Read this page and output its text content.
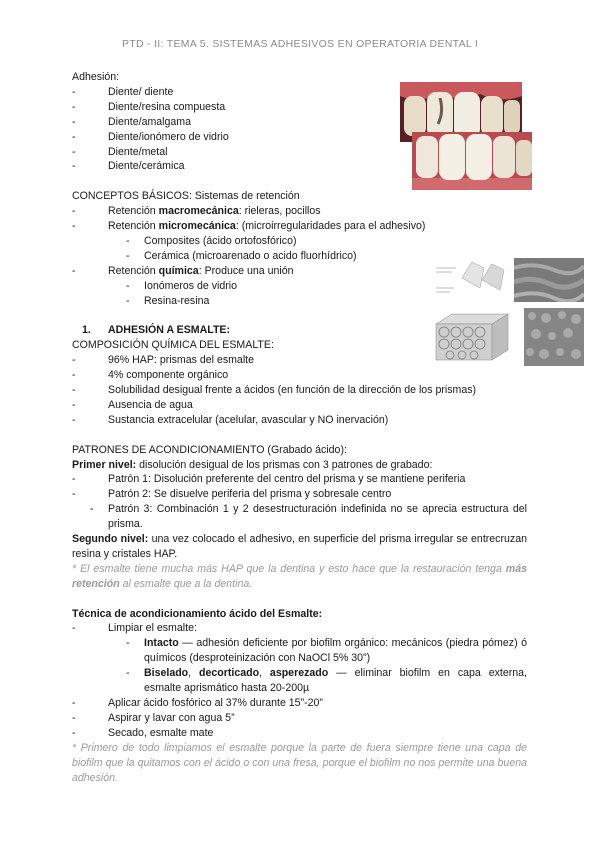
PTD - II: TEMA 5. SISTEMAS ADHESIVOS EN OPERATORIA DENTAL I
Adhesión:
- Diente/ diente
- Diente/resina compuesta
- Diente/amalgama
- Diente/ionómero de vidrio
- Diente/metal
- Diente/cerámica
CONCEPTOS BÁSICOS: Sistemas de retención
- Retención macromecánica: rieleras, pocillos
- Retención micromecánica: (microirregularidades para el adhesivo)
- Composites (ácido ortofosfórico)
- Cerámica (microarenado o acido fluorhídrico)
- Retención química: Produce una unión
- Ionómeros de vidrio
- Resina-resina
1. ADHESIÓN A ESMALTE:
COMPOSICIÓN QUÍMICA DEL ESMALTE:
- 96% HAP: prismas del esmalte
- 4% componente orgánico
- Solubilidad desigual frente a ácidos (en función de la dirección de los prismas)
- Ausencia de agua
- Sustancia extracelular (acelular, avascular y NO inervación)
PATRONES DE ACONDICIONAMIENTO (Grabado ácido):
Primer nivel: disolución desigual de los prismas con 3 patrones de grabado:
- Patrón 1: Disolución preferente del centro del prisma y se mantiene periferia
- Patrón 2: Se disuelve periferia del prisma y sobresale centro
- Patrón 3: Combinación 1 y 2 desestructuración indefinida no se aprecia estructura del prisma.
Segundo nivel: una vez colocado el adhesivo, en superficie del prisma irregular se entrecruzan resina y cristales HAP.
* El esmalte tiene mucha más HAP que la dentina y esto hace que la restauración tenga más retención al esmalte que a la dentina.
Técnica de acondicionamiento ácido del Esmalte:
- Limpiar el esmalte:
- Intacto — adhesión deficiente por biofilm orgánico: mecánicos (piedra pómez) ó químicos (desproteinización con NaOCl 5% 30”)
- Biselado, decorticado, asperezado — eliminar biofilm en capa externa, esmalte aprismático hasta 20-200µ
- Aplicar ácido fosfórico al 37% durante 15”-20”
- Aspirar y lavar con agua 5”
- Secado, esmalte mate
* Primero de todo limpiamos el esmalte porque la parte de fuera siempre tiene una capa de biofilm que la quitamos con el ácido o con una fresa, porque el biofilm no nos permite una buena adhesión.
